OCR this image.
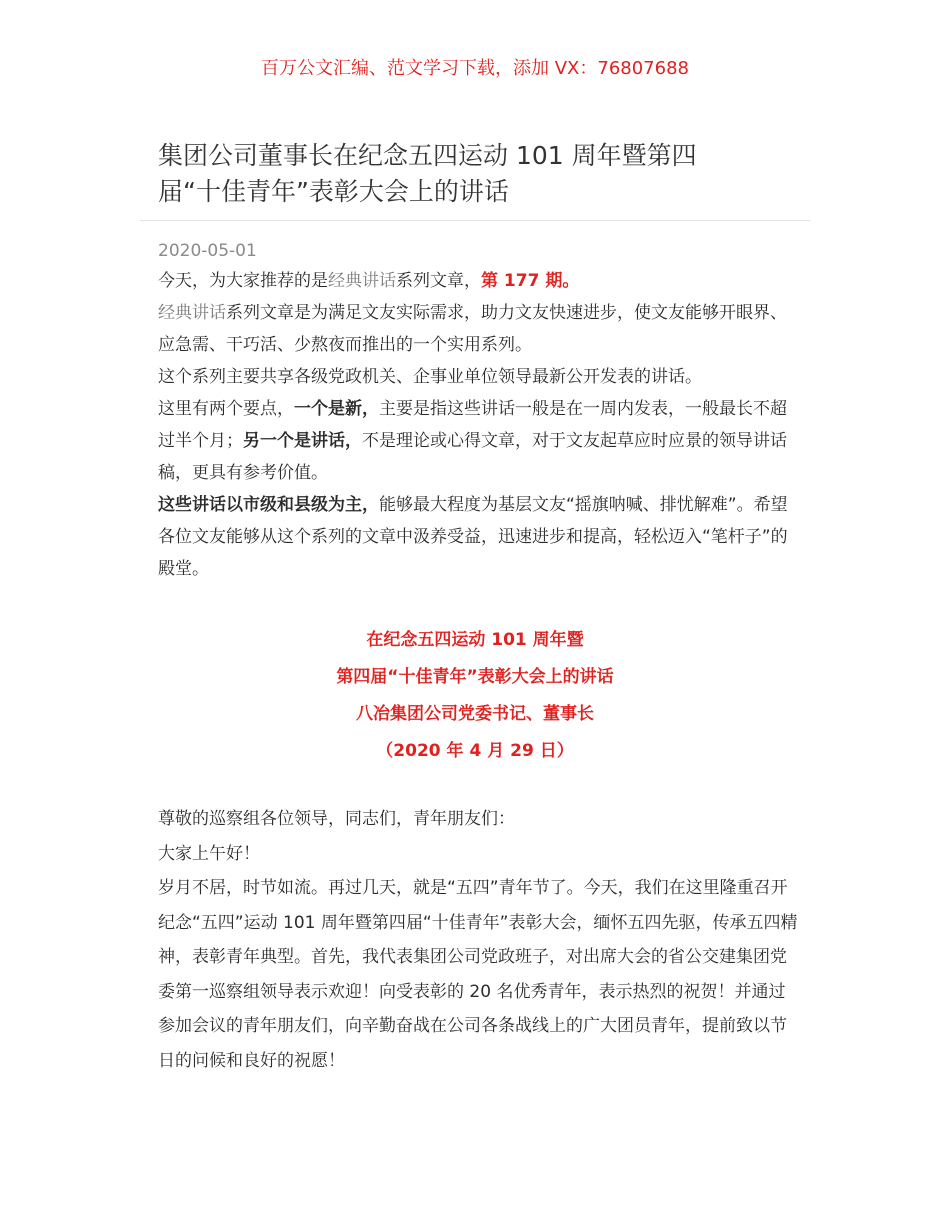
百万公文汇编、范文学习下载，添加 VX：76807688
集团公司董事长在纪念五四运动 101 周年暨第四届“十佳青年”表彰大会上的讲话
2020-05-01

今天，为大家推荐的是经典讲话系列文章，第 177 期。

经典讲话系列文章是为满足文友实际需求，助力文友快速进步，使文友能够开眼界、应急需、干巧活、少熬夜而推出的一个实用系列。

这个系列主要共享各级党政机关、企事业单位领导最新公开发表的讲话。

这里有两个要点，一个是新，主要是指这些讲话一般是在一周内发表，一般最长不超过半个月；另一个是讲话，不是理论或心得文章，对于文友起草应时应景的领导讲话稿，更具有参考价值。

这些讲话以市级和县级为主，能够最大程度为基层文友“摇旗呐喊、排忧解难”。希望各位文友能够从这个系列的文章中汲养受益，迅速进步和提高，轻松迈入“笔杆子”的殿堂。

在纪念五四运动 101 周年暨

第四届“十佳青年”表彰大会上的讲话

八冶集团公司党委书记、董事长

（2020 年 4 月 29 日）

尊敬的巡察组各位领导，同志们，青年朋友们：

大家上午好！

岁月不居，时节如流。再过几天，就是“五四”青年节了。今天，我们在这里隆重召开纪念“五四”运动 101 周年暨第四届“十佳青年”表彰大会，缅怀五四先驱，传承五四精神，表彰青年典型。首先，我代表集团公司党政班子，对出席大会的省公交建集团党委第一巡察组领导表示欢迎！向受表彰的 20 名优秀青年，表示热烈的祝贺！并通过参加会议的青年朋友们，向辛勤奋战在公司各条战线上的广大团员青年，提前致以节日的问候和良好的祝愿！
